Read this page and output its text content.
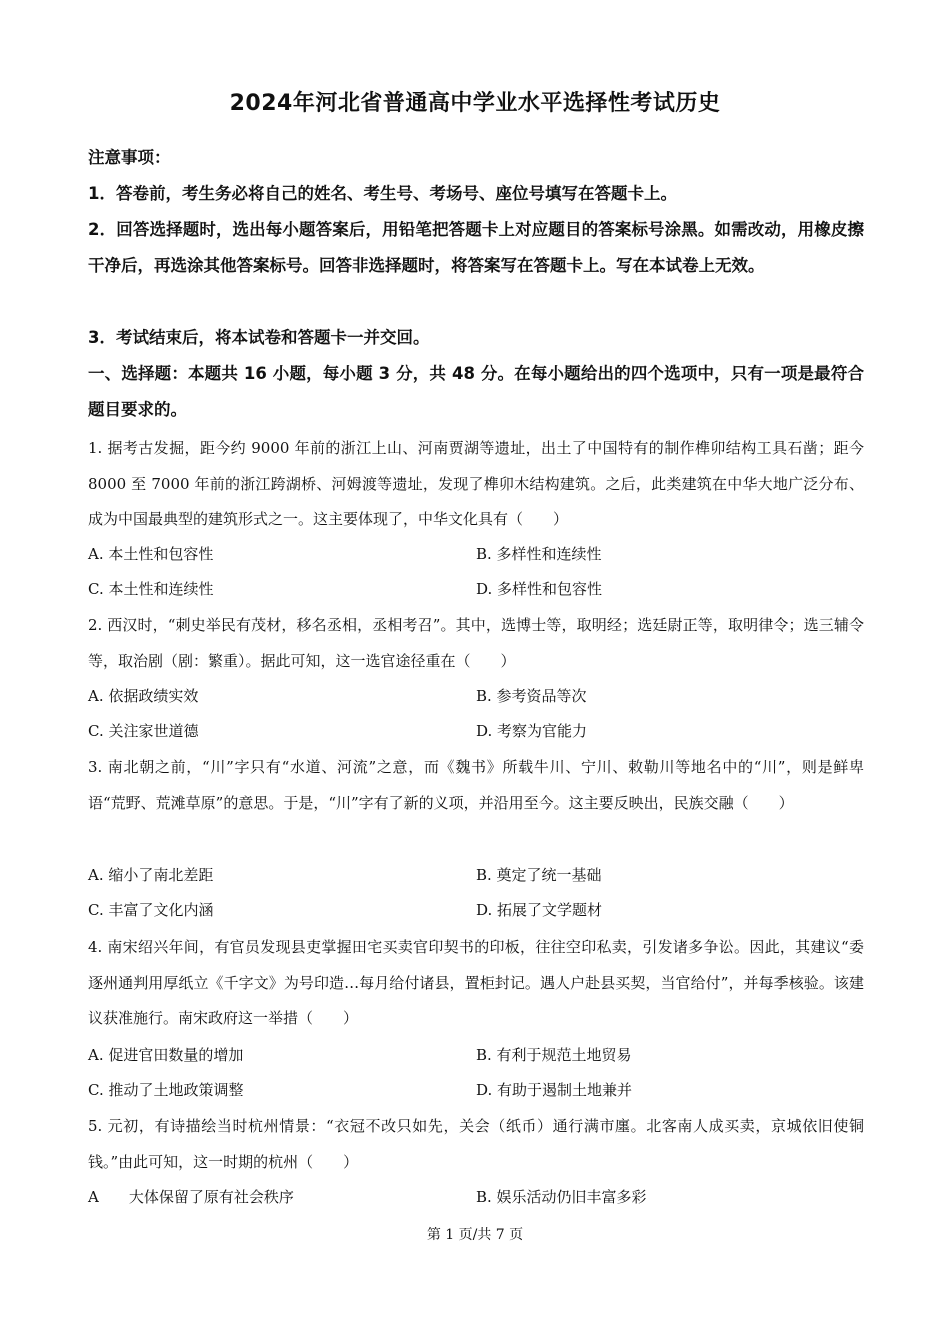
2024年河北省普通高中学业水平选择性考试历史
注意事项：
1．答卷前，考生务必将自己的姓名、考生号、考场号、座位号填写在答题卡上。
2．回答选择题时，选出每小题答案后，用铅笔把答题卡上对应题目的答案标号涂黑。如需改动，用橡皮擦干净后，再选涂其他答案标号。回答非选择题时，将答案写在答题卡上。写在本试卷上无效。
3．考试结束后，将本试卷和答题卡一并交回。
一、选择题：本题共 16 小题，每小题 3 分，共 48 分。在每小题给出的四个选项中，只有一项是最符合题目要求的。
1. 据考古发掘，距今约 9000 年前的浙江上山、河南贾湖等遗址，出土了中国特有的制作榫卯结构工具石凿；距今 8000 至 7000 年前的浙江跨湖桥、河姆渡等遗址，发现了榫卯木结构建筑。之后，此类建筑在中华大地广泛分布、成为中国最典型的建筑形式之一。这主要体现了，中华文化具有（　　）
A. 本土性和包容性	B. 多样性和连续性
C. 本土性和连续性	D. 多样性和包容性
2. 西汉时，“刺史举民有茂材，移名丞相，丞相考召”。其中，选博士等，取明经；选廷尉正等，取明律令；选三辅令等，取治剧（剧：繁重）。据此可知，这一选官途径重在（　　）
A. 依据政绩实效	B. 参考资品等次
C. 关注家世道德	D. 考察为官能力
3. 南北朝之前，“川”字只有“水道、河流”之意，而《魏书》所载牛川、宁川、敕勒川等地名中的“川”，则是鲜卑语“荒野、荒滩草原”的意思。于是，“川”字有了新的义项，并沿用至今。这主要反映出，民族交融（　　）
A. 缩小了南北差距	B. 奠定了统一基础
C. 丰富了文化内涵	D. 拓展了文学题材
4. 南宋绍兴年间，有官员发现县吏掌握田宅买卖官印契书的印板，往往空印私卖，引发诸多争讼。因此，其建议“委逐州通判用厚纸立《千字文》为号印造…每月给付诸县，置柜封记。遇人户赴县买契，当官给付”，并每季核验。该建议获准施行。南宋政府这一举措（　　）
A. 促进官田数量的增加	B. 有利于规范土地贸易
C. 推动了土地政策调整	D. 有助于遏制土地兼并
5. 元初，有诗描绘当时杭州情景：“衣冠不改只如先，关会（纸币）通行满市廛。北客南人成买卖，京城依旧使铜钱。”由此可知，这一时期的杭州（　　）
A　　大体保留了原有社会秩序	B. 娱乐活动仍旧丰富多彩
第 1 页/共 7 页
